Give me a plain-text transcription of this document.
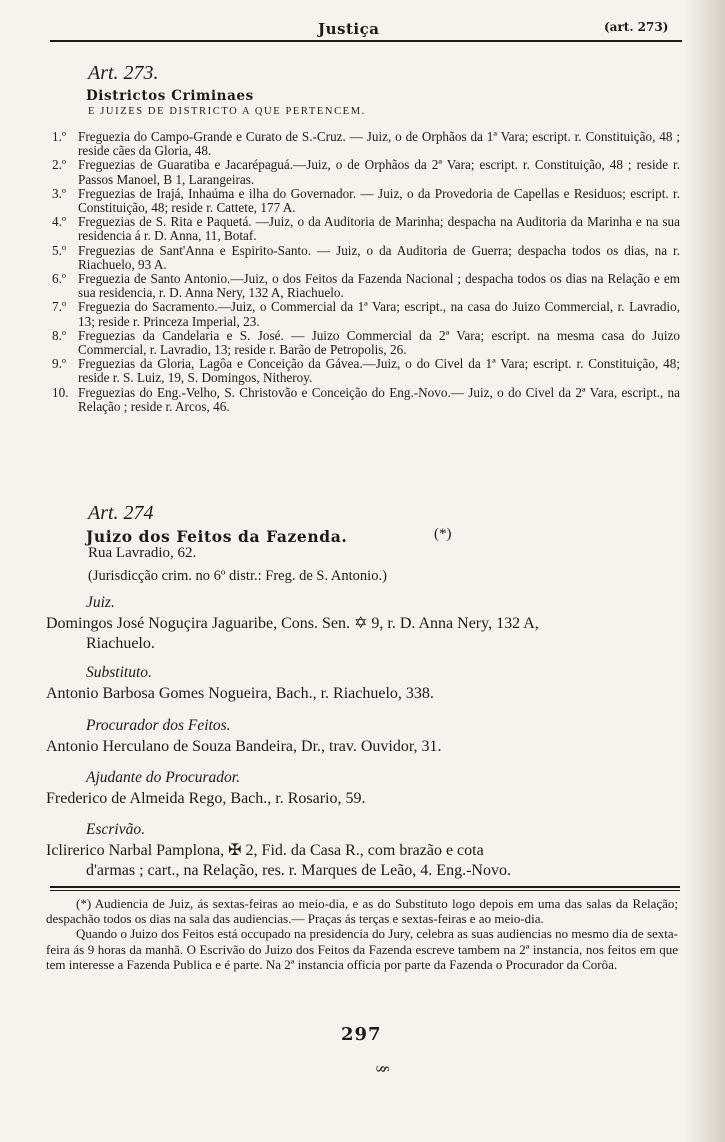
Justiça	(art. 273)
Art. 273.
Districtos Criminaes
E JUIZES DE DISTRICTO A QUE PERTENCEM.
1.º Freguezia do Campo-Grande e Curato de S.-Cruz. — Juiz, o de Orphãos da 1ª Vara; escript. r. Constituição, 48 ; reside cães da Gloria, 48.
2.º Freguezias de Guaratiba e Jacarépaguá.—Juiz, o de Orphãos da 2ª Vara; escript. r. Constituição, 48 ; reside r. Passos Manoel, B 1, Larangeiras.
3.º Freguezias de Irajá, Inhaúma e ilha do Governador. — Juiz, o da Provedoria de Capellas e Residuos; escript. r. Constituição, 48; reside r. Cattete, 177 A.
4.º Freguezias de S. Rita e Paquetá. —Juiz, o da Auditoria de Marinha; despacha na Auditoria da Marinha e na sua residencia á r. D. Anna, 11, Botaf.
5.º Freguezias de Sant'Anna e Espirito-Santo. — Juiz, o da Auditoria de Guerra; despacha todos os dias, na r. Riachuelo, 93 A.
6.º Freguezia de Santo Antonio.—Juiz, o dos Feitos da Fazenda Nacional ; despacha todos os dias na Relação e em sua residencia, r. D. Anna Nery, 132 A, Riachuelo.
7.º Freguezia do Sacramento.—Juiz, o Commercial da 1ª Vara; escript., na casa do Juizo Commercial, r. Lavradio, 13; reside r. Princeza Imperial, 23.
8.º Freguezias da Candelaria e S. José. — Juizo Commercial da 2ª Vara; escript. na mesma casa do Juizo Commercial, r. Lavradio, 13; reside r. Barão de Petropolis, 26.
9.º Freguezias da Gloria, Lagôa e Conceição da Gávea.—Juiz, o do Civel da 1ª Vara; escript. r. Constituição, 48; reside r. S. Luiz, 19, S. Domingos, Nitheroy.
10. Freguezias do Eng.-Velho, S. Christovão e Conceição do Eng.-Novo.— Juiz, o do Civel da 2ª Vara, escript., na Relação ; reside r. Arcos, 46.
Art. 274
Juizo dos Feitos da Fazenda.	(*)
Rua Lavradio, 62.
(Jurisdicção crim. no 6º distr.: Freg. de S. Antonio.)
Juiz.
Domingos José Noguçira Jaguaribe, Cons. Sen. ✡ 9, r. D. Anna Nery, 132 A,
Riachuelo.
Substituto.
Antonio Barbosa Gomes Nogueira, Bach., r. Riachuelo, 338.
Procurador dos Feitos.
Antonio Herculano de Souza Bandeira, Dr., trav. Ouvidor, 31.
Ajudante do Procurador.
Frederico de Almeida Rego, Bach., r. Rosario, 59.
Escrivão.
Iclirerico Narbal Pamplona, ✠ 2, Fid. da Casa R., com brazão e cota
d'armas ; cart., na Relação, res. r. Marques de Leão, 4. Eng.-Novo.

(*) Audiencia de Juiz, ás sextas-feiras ao meio-dia, e as do Substituto logo depois em uma das salas da Relação; despachão todos os dias na sala das audiencias.— Praças ás terças e sextas-feiras e ao meio-dia.

Quando o Juizo dos Feitos está occupado na presidencia do Jury, celebra as suas audiencias no mesmo dia de sexta-feira ás 9 horas da manhã. O Escrivão do Juizo dos Feitos da Fazenda escreve tambem na 2ª instancia, nos feitos em que tem interesse a Fazenda Publica e é parte. Na 2ª instancia officia por parte da Fazenda o Procurador da Corôa.

297
§
